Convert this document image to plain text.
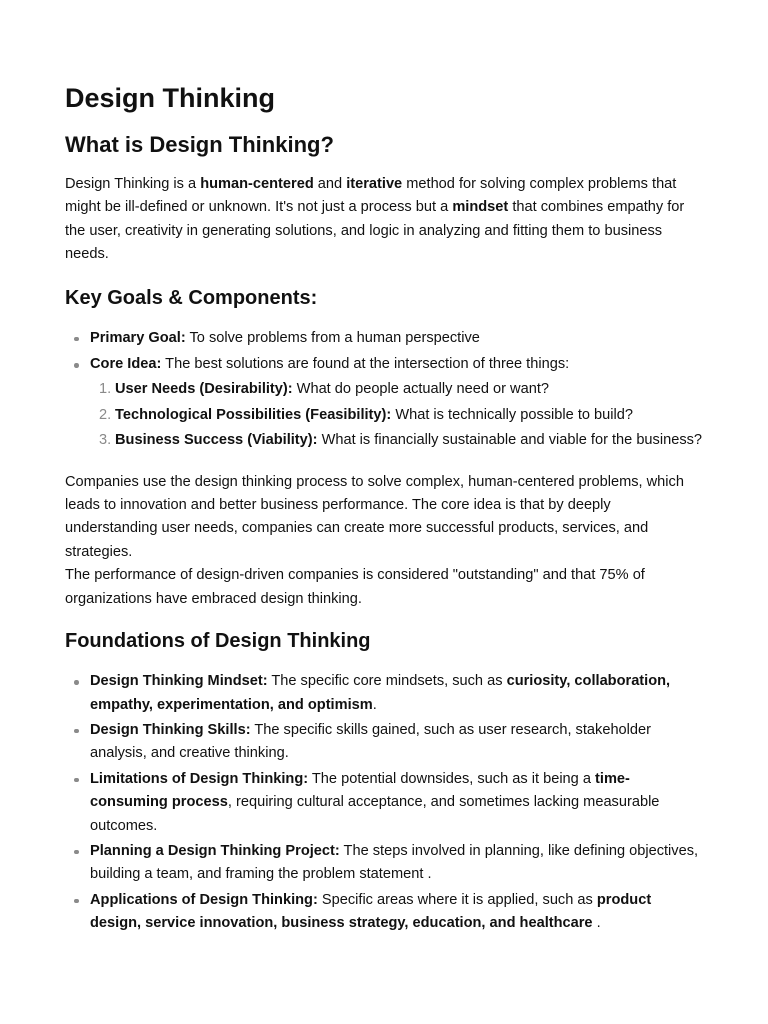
Design Thinking
What is Design Thinking?

Design Thinking is a human-centered and iterative method for solving complex problems that might be ill-defined or unknown. It's not just a process but a mindset that combines empathy for the user, creativity in generating solutions, and logic in analyzing and fitting them to business needs.

Key Goals & Components:
Primary Goal: To solve problems from a human perspective
Core Idea: The best solutions are found at the intersection of three things:
1. User Needs (Desirability): What do people actually need or want?
2. Technological Possibilities (Feasibility): What is technically possible to build?
3. Business Success (Viability): What is financially sustainable and viable for the business?

Companies use the design thinking process to solve complex, human-centered problems, which leads to innovation and better business performance. The core idea is that by deeply understanding user needs, companies can create more successful products, services, and strategies.
The performance of design-driven companies is considered "outstanding" and that 75% of organizations have embraced design thinking.

Foundations of Design Thinking
Design Thinking Mindset: The specific core mindsets, such as curiosity, collaboration, empathy, experimentation, and optimism.
Design Thinking Skills: The specific skills gained, such as user research, stakeholder analysis, and creative thinking.
Limitations of Design Thinking: The potential downsides, such as it being a time-consuming process, requiring cultural acceptance, and sometimes lacking measurable outcomes.
Planning a Design Thinking Project: The steps involved in planning, like defining objectives, building a team, and framing the problem statement .
Applications of Design Thinking: Specific areas where it is applied, such as product design, service innovation, business strategy, education, and healthcare .
